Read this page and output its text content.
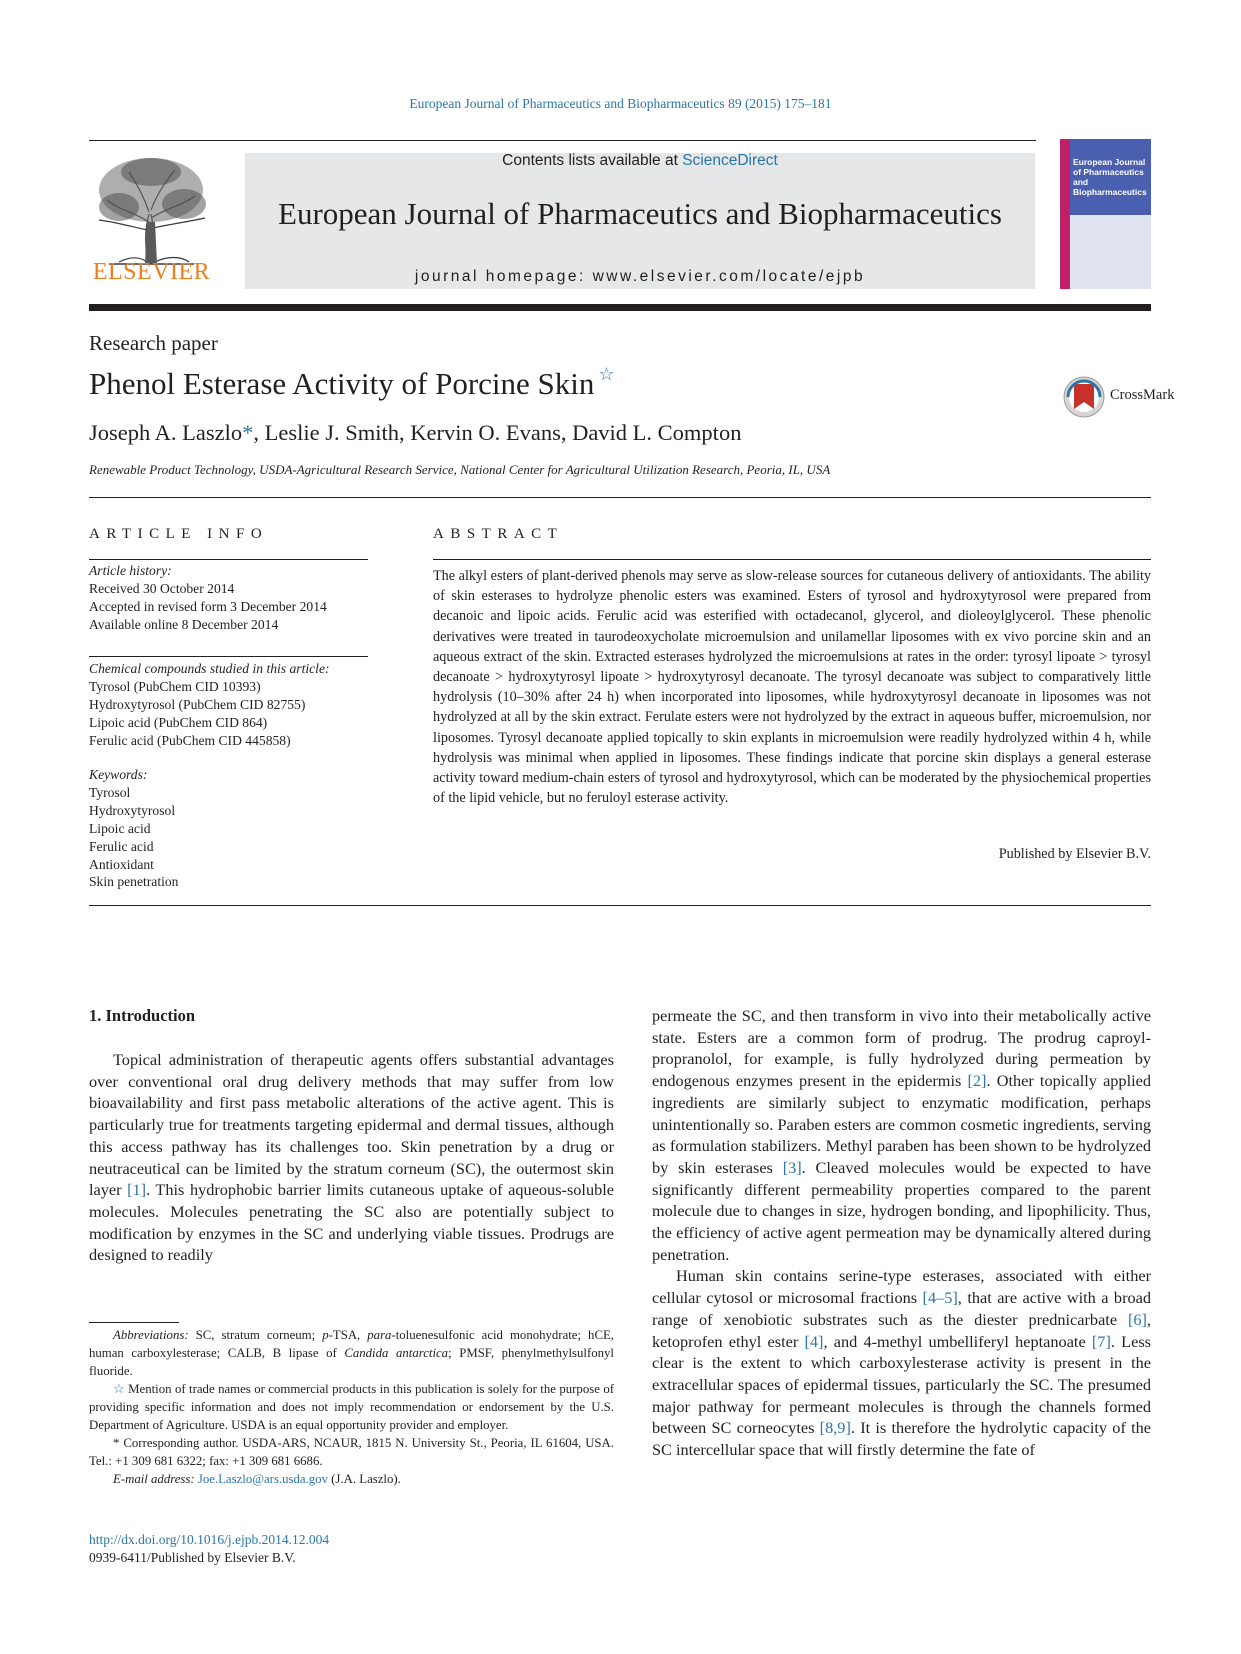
European Journal of Pharmaceutics and Biopharmaceutics 89 (2015) 175–181
ELSEVIER
Contents lists available at ScienceDirect
European Journal of Pharmaceutics and Biopharmaceutics
journal homepage: www.elsevier.com/locate/ejpb
European Journal of Pharmaceutics and Biopharmaceutics
Research paper
Phenol Esterase Activity of Porcine Skin ☆
CrossMark
Joseph A. Laszlo*, Leslie J. Smith, Kervin O. Evans, David L. Compton
Renewable Product Technology, USDA-Agricultural Research Service, National Center for Agricultural Utilization Research, Peoria, IL, USA
ARTICLE INFO	ABSTRACT
Article history:
Received 30 October 2014
Accepted in revised form 3 December 2014
Available online 8 December 2014
Chemical compounds studied in this article:
Tyrosol (PubChem CID 10393)
Hydroxytyrosol (PubChem CID 82755)
Lipoic acid (PubChem CID 864)
Ferulic acid (PubChem CID 445858)
Keywords:
Tyrosol
Hydroxytyrosol
Lipoic acid
Ferulic acid
Antioxidant
Skin penetration
The alkyl esters of plant-derived phenols may serve as slow-release sources for cutaneous delivery of antioxidants. The ability of skin esterases to hydrolyze phenolic esters was examined. Esters of tyrosol and hydroxytyrosol were prepared from decanoic and lipoic acids. Ferulic acid was esterified with octadecanol, glycerol, and dioleoylglycerol. These phenolic derivatives were treated in taurodeoxycholate microemulsion and unilamellar liposomes with ex vivo porcine skin and an aqueous extract of the skin. Extracted esterases hydrolyzed the microemulsions at rates in the order: tyrosyl lipoate > tyrosyl decanoate > hydroxytyrosyl lipoate > hydroxytyrosyl decanoate. The tyrosyl decanoate was subject to comparatively little hydrolysis (10–30% after 24 h) when incorporated into liposomes, while hydroxytyrosyl decanoate in liposomes was not hydrolyzed at all by the skin extract. Ferulate esters were not hydrolyzed by the extract in aqueous buffer, microemulsion, nor liposomes. Tyrosyl decanoate applied topically to skin explants in microemulsion were readily hydrolyzed within 4 h, while hydrolysis was minimal when applied in liposomes. These findings indicate that porcine skin displays a general esterase activity toward medium-chain esters of tyrosol and hydroxytyrosol, which can be moderated by the physiochemical properties of the lipid vehicle, but no feruloyl esterase activity.
Published by Elsevier B.V.
1. Introduction

Topical administration of therapeutic agents offers substantial advantages over conventional oral drug delivery methods that may suffer from low bioavailability and first pass metabolic alterations of the active agent. This is particularly true for treatments targeting epidermal and dermal tissues, although this access pathway has its challenges too. Skin penetration by a drug or neutraceutical can be limited by the stratum corneum (SC), the outermost skin layer [1]. This hydrophobic barrier limits cutaneous uptake of aqueous-soluble molecules. Molecules penetrating the SC also are potentially subject to modification by enzymes in the SC and underlying viable tissues. Prodrugs are designed to readily

permeate the SC, and then transform in vivo into their metabolically active state. Esters are a common form of prodrug. The prodrug caproyl-propranolol, for example, is fully hydrolyzed during permeation by endogenous enzymes present in the epidermis [2]. Other topically applied ingredients are similarly subject to enzymatic modification, perhaps unintentionally so. Paraben esters are common cosmetic ingredients, serving as formulation stabilizers. Methyl paraben has been shown to be hydrolyzed by skin esterases [3]. Cleaved molecules would be expected to have significantly different permeability properties compared to the parent molecule due to changes in size, hydrogen bonding, and lipophilicity. Thus, the efficiency of active agent permeation may be dynamically altered during penetration.

Human skin contains serine-type esterases, associated with either cellular cytosol or microsomal fractions [4–5], that are active with a broad range of xenobiotic substrates such as the diester prednicarbate [6], ketoprofen ethyl ester [4], and 4-methyl umbelliferyl heptanoate [7]. Less clear is the extent to which carboxylesterase activity is present in the extracellular spaces of epidermal tissues, particularly the SC. The presumed major pathway for permeant molecules is through the channels formed between SC corneocytes [8,9]. It is therefore the hydrolytic capacity of the SC intercellular space that will firstly determine the fate of

Abbreviations: SC, stratum corneum; p-TSA, para-toluenesulfonic acid monohydrate; hCE, human carboxylesterase; CALB, B lipase of Candida antarctica; PMSF, phenylmethylsulfonyl fluoride.

☆ Mention of trade names or commercial products in this publication is solely for the purpose of providing specific information and does not imply recommendation or endorsement by the U.S. Department of Agriculture. USDA is an equal opportunity provider and employer.

* Corresponding author. USDA-ARS, NCAUR, 1815 N. University St., Peoria, IL 61604, USA. Tel.: +1 309 681 6322; fax: +1 309 681 6686.

E-mail address: Joe.Laszlo@ars.usda.gov (J.A. Laszlo).

http://dx.doi.org/10.1016/j.ejpb.2014.12.004
0939-6411/Published by Elsevier B.V.
